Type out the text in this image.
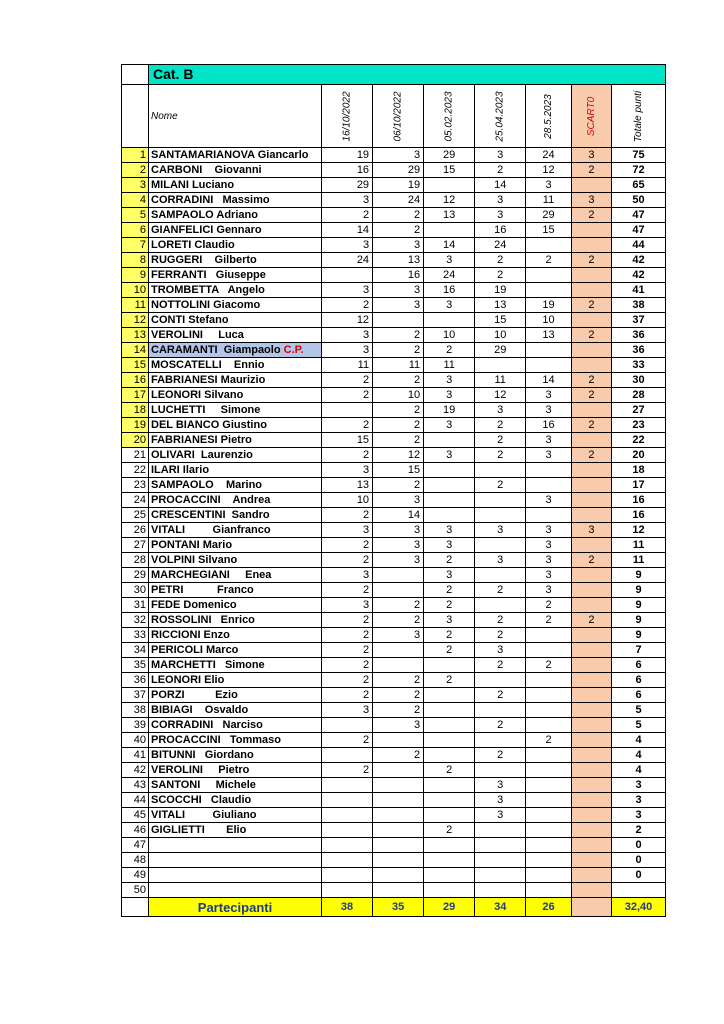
	Cat. B							
	Nome	16/10/2022	06/10/2022	05.02.2023	25.04.2023	28.5.2023	SCART0	Totale punti
1	SANTAMARIANOVA Giancarlo	19	3	29	3	24	3	75
2	CARBONI    Giovanni	16	29	15	2	12	2	72
3	MILANI Luciano	29	19		14	3		65
4	CORRADINI   Massimo	3	24	12	3	11	3	50
5	SAMPAOLO Adriano	2	2	13	3	29	2	47
6	GIANFELICI Gennaro	14	2		16	15		47
7	LORETI Claudio	3	3	14	24			44
8	RUGGERI    Gilberto	24	13	3	2	2	2	42
9	FERRANTI   Giuseppe		16	24	2			42
10	TROMBETTA   Angelo	3	3	16	19			41
11	NOTTOLINI Giacomo	2	3	3	13	19	2	38
12	CONTI Stefano	12			15	10		37
13	VEROLINI     Luca	3	2	10	10	13	2	36
14	CARAMANTI  Giampaolo C.P.	3	2	2	29			36
15	MOSCATELLI    Ennio	11	11	11				33
16	FABRIANESI Maurizio	2	2	3	11	14	2	30
17	LEONORI Silvano	2	10	3	12	3	2	28
18	LUCHETTI     Simone		2	19	3	3		27
19	DEL BIANCO Giustino	2	2	3	2	16	2	23
20	FABRIANESI Pietro	15	2		2	3		22
21	OLIVARI  Laurenzio	2	12	3	2	3	2	20
22	ILARI Ilario	3	15					18
23	SAMPAOLO    Marino	13	2		2			17
24	PROCACCINI    Andrea	10	3			3		16
25	CRESCENTINI  Sandro	2	14					16
26	VITALI         Gianfranco	3	3	3	3	3	3	12
27	PONTANI Mario	2	3	3		3		11
28	VOLPINI Silvano	2	3	2	3	3	2	11
29	MARCHEGIANI     Enea	3		3		3		9
30	PETRI           Franco	2		2	2	3		9
31	FEDE Domenico	3	2	2		2		9
32	ROSSOLINI   Enrico	2	2	3	2	2	2	9
33	RICCIONI Enzo	2	3	2	2			9
34	PERICOLI Marco	2		2	3			7
35	MARCHETTI   Simone	2			2	2		6
36	LEONORI Elio	2	2	2				6
37	PORZI          Ezio	2	2		2			6
38	BIBIAGI    Osvaldo	3	2					5
39	CORRADINI   Narciso		3		2			5
40	PROCACCINI   Tommaso	2				2		4
41	BITUNNI   Giordano		2		2			4
42	VEROLINI     Pietro	2		2				4
43	SANTONI     Michele				3			3
44	SCOCCHI   Claudio				3			3
45	VITALI         Giuliano				3			3
46	GIGLIETTI       Elio			2				2
47								0
48								0
49								0
50								
	Partecipanti	38	35	29	34	26		32,40
